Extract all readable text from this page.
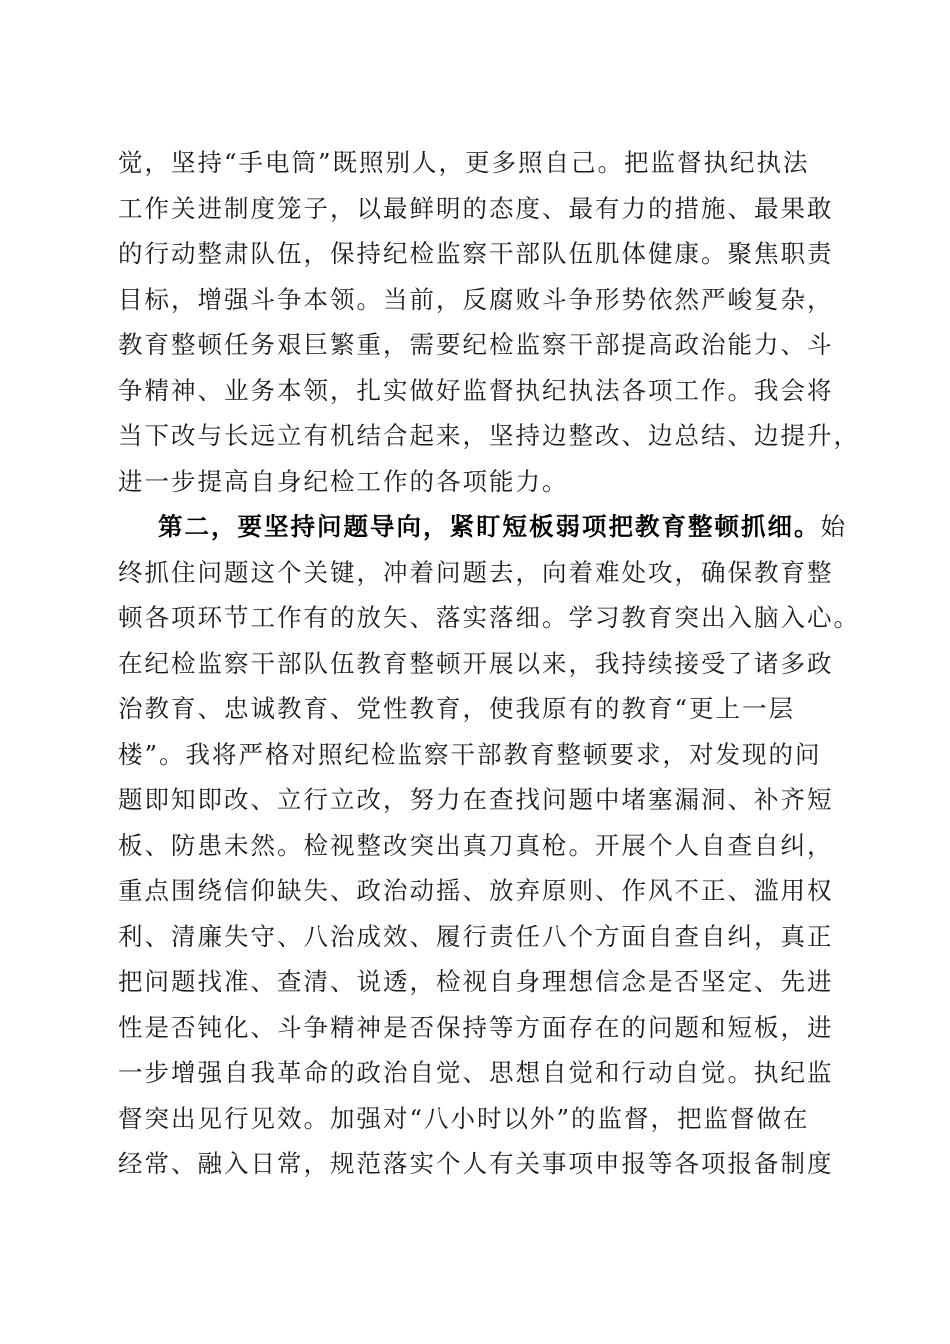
觉，坚持“手电筒”既照别人，更多照自己。把监督执纪执法
工作关进制度笼子，以最鲜明的态度、最有力的措施、最果敢
的行动整肃队伍，保持纪检监察干部队伍肌体健康。聚焦职责
目标，增强斗争本领。当前，反腐败斗争形势依然严峻复杂，
教育整顿任务艰巨繁重，需要纪检监察干部提高政治能力、斗
争精神、业务本领，扎实做好监督执纪执法各项工作。我会将
当下改与长远立有机结合起来，坚持边整改、边总结、边提升，
进一步提高自身纪检工作的各项能力。
第二，要坚持问题导向，紧盯短板弱项把教育整顿抓细。始
终抓住问题这个关键，冲着问题去，向着难处攻，确保教育整
顿各项环节工作有的放矢、落实落细。学习教育突出入脑入心。
在纪检监察干部队伍教育整顿开展以来，我持续接受了诸多政
治教育、忠诚教育、党性教育，使我原有的教育“更上一层
楼”。我将严格对照纪检监察干部教育整顿要求，对发现的问
题即知即改、立行立改，努力在查找问题中堵塞漏洞、补齐短
板、防患未然。检视整改突出真刀真枪。开展个人自查自纠，
重点围绕信仰缺失、政治动摇、放弃原则、作风不正、滥用权
利、清廉失守、八治成效、履行责任八个方面自查自纠，真正
把问题找准、查清、说透，检视自身理想信念是否坚定、先进
性是否钝化、斗争精神是否保持等方面存在的问题和短板，进
一步增强自我革命的政治自觉、思想自觉和行动自觉。执纪监
督突出见行见效。加强对“八小时以外”的监督，把监督做在
经常、融入日常，规范落实个人有关事项申报等各项报备制度
